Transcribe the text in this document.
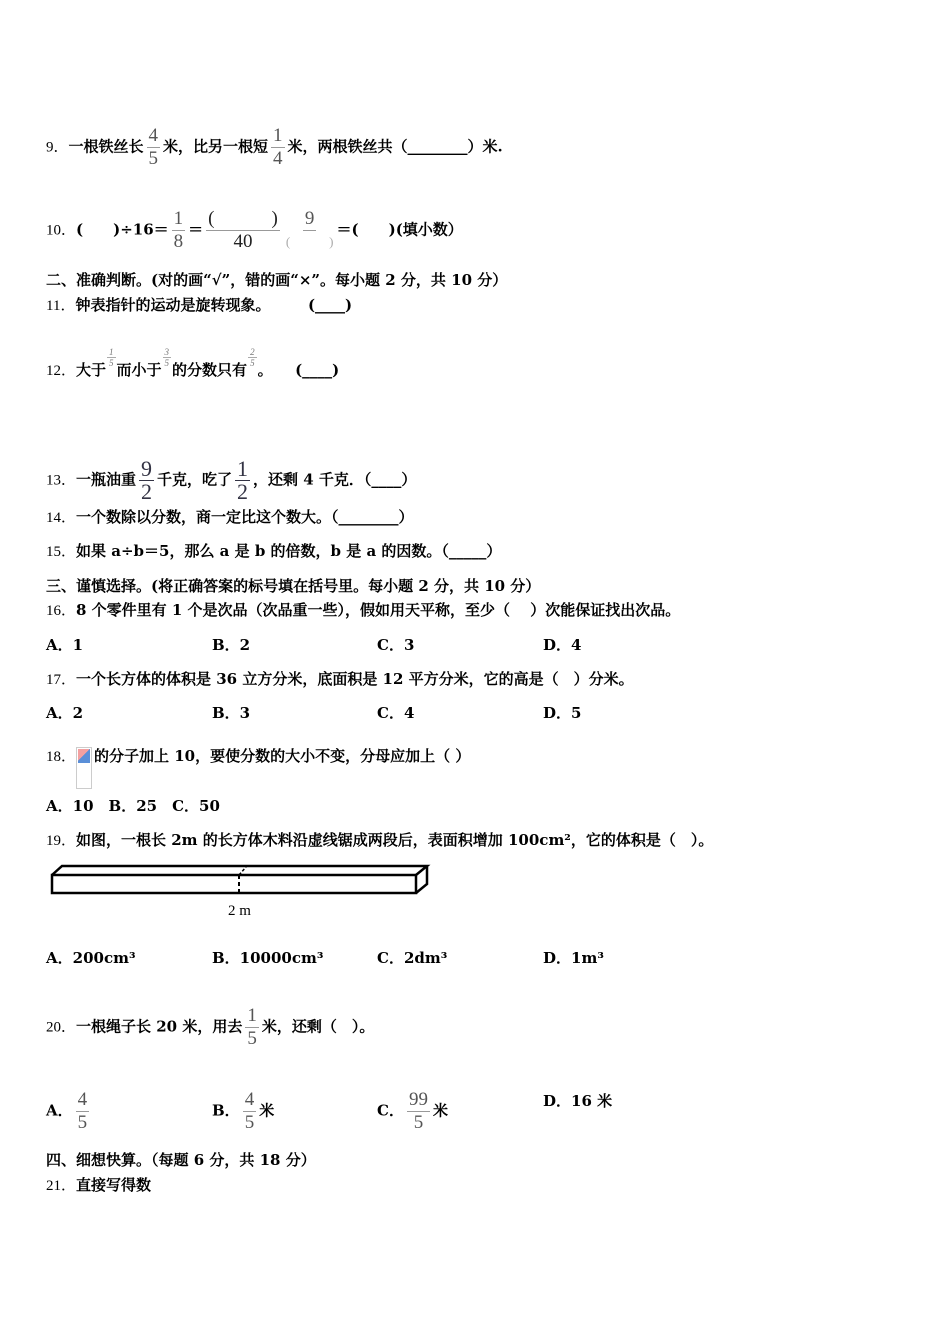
9．一根铁丝长 $\frac{4}{5}$ 米，比另一根短 $\frac{1}{4}$ 米，两根铁丝共（________）米.
10．(　　)$\div 16= \frac{1}{8}$ ＝
(　　　)
40
9
(　　　)
＝(　　)(填小数）
二、准确判断。(对的画“√”，错的画“×”。每小题 2 分，共 10 分）
11．钟表指针的运动是旋转现象。　　　(____)
12．大于
$\frac{1}{5}$
而小于
$\frac{3}{5}$
的分数只有
$\frac{2}{5}$
。　　(____)
13．一瓶油重 $\frac{9}{2}$ 千克，吃了 $\frac{1}{2}$ ，还剩 4 千克．（____）
14．一个数除以分数，商一定比这个数大。（________）
15．如果 a÷b＝5，那么 a 是 b 的倍数，b 是 a 的因数。（_____）
三、谨慎选择。(将正确答案的标号填在括号里。每小题 2 分，共 10 分）
16．8 个零件里有 1 个是次品（次品重一些），假如用天平称，至少（　 ）次能保证找出次品。
A．1	B．2	C．3	D．4
17．一个长方体的体积是 36 立方分米，底面积是 12 平方分米，它的高是（　）分米。
A．2	B．3	C．4	D．5
18． 的分子加上 10，要使分数的大小不变，分母应加上（ ）
A．10　B．25　C．50
19．如图，一根长 2m 的长方体木料沿虚线锯成两段后，表面积增加 100cm²，它的体积是（　）。
2 m
A．200cm³	B．10000cm³	C．2dm³	D．1m³
20．一根绳子长 20 米，用去 $\frac{1}{5}$ 米，还剩（　）。
A． $\frac{4}{5}$	B． $\frac{4}{5}$ 米	C． $\frac{99}{5}$ 米
D．16 米
四、细想快算。（每题 6 分，共 18 分）
21．直接写得数
